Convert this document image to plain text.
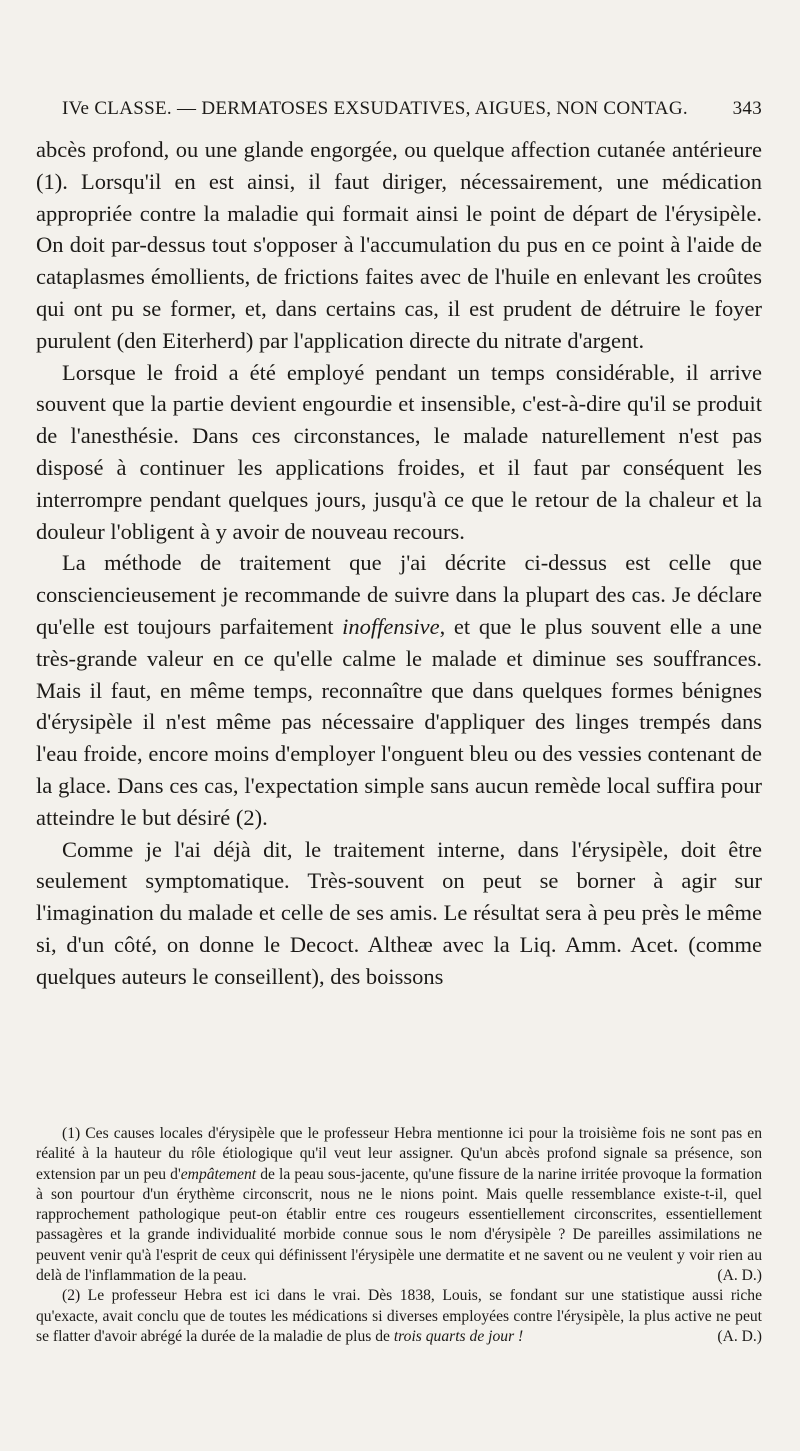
IVe CLASSE. — DERMATOSES EXSUDATIVES, AIGUES, NON CONTAG. 343

abcès profond, ou une glande engorgée, ou quelque affection cutanée antérieure (1). Lorsqu'il en est ainsi, il faut diriger, nécessairement, une médication appropriée contre la maladie qui formait ainsi le point de départ de l'érysipèle. On doit par-dessus tout s'opposer à l'accumulation du pus en ce point à l'aide de cataplasmes émollients, de frictions faites avec de l'huile en enlevant les croûtes qui ont pu se former, et, dans certains cas, il est prudent de détruire le foyer purulent (den Eiterherd) par l'application directe du nitrate d'argent.

Lorsque le froid a été employé pendant un temps considérable, il arrive souvent que la partie devient engourdie et insensible, c'est-à-dire qu'il se produit de l'anesthésie. Dans ces circonstances, le malade naturellement n'est pas disposé à continuer les applications froides, et il faut par conséquent les interrompre pendant quelques jours, jusqu'à ce que le retour de la chaleur et la douleur l'obligent à y avoir de nouveau recours.

La méthode de traitement que j'ai décrite ci-dessus est celle que consciencieusement je recommande de suivre dans la plupart des cas. Je déclare qu'elle est toujours parfaitement inoffensive, et que le plus souvent elle a une très-grande valeur en ce qu'elle calme le malade et diminue ses souffrances. Mais il faut, en même temps, reconnaître que dans quelques formes bénignes d'érysipèle il n'est même pas nécessaire d'appliquer des linges trempés dans l'eau froide, encore moins d'employer l'onguent bleu ou des vessies contenant de la glace. Dans ces cas, l'expectation simple sans aucun remède local suffira pour atteindre le but désiré (2).

Comme je l'ai déjà dit, le traitement interne, dans l'érysipèle, doit être seulement symptomatique. Très-souvent on peut se borner à agir sur l'imagination du malade et celle de ses amis. Le résultat sera à peu près le même si, d'un côté, on donne le Decoct. Altheæ avec la Liq. Amm. Acet. (comme quelques auteurs le conseillent), des boissons

(1) Ces causes locales d'érysipèle que le professeur Hebra mentionne ici pour la troisième fois ne sont pas en réalité à la hauteur du rôle étiologique qu'il veut leur assigner. Qu'un abcès profond signale sa présence, son extension par un peu d'empâtement de la peau sous-jacente, qu'une fissure de la narine irritée provoque la formation à son pourtour d'un érythème circonscrit, nous ne le nions point. Mais quelle ressemblance existe-t-il, quel rapprochement pathologique peut-on établir entre ces rougeurs essentiellement circonscrites, essentiellement passagères et la grande individualité morbide connue sous le nom d'érysipèle ? De pareilles assimilations ne peuvent venir qu'à l'esprit de ceux qui définissent l'érysipèle une dermatite et ne savent ou ne veulent y voir rien au delà de l'inflammation de la peau.	(A. D.)

(2) Le professeur Hebra est ici dans le vrai. Dès 1838, Louis, se fondant sur une statistique aussi riche qu'exacte, avait conclu que de toutes les médications si diverses employées contre l'érysipèle, la plus active ne peut se flatter d'avoir abrégé la durée de la maladie de plus de trois quarts de jour !	(A. D.)
